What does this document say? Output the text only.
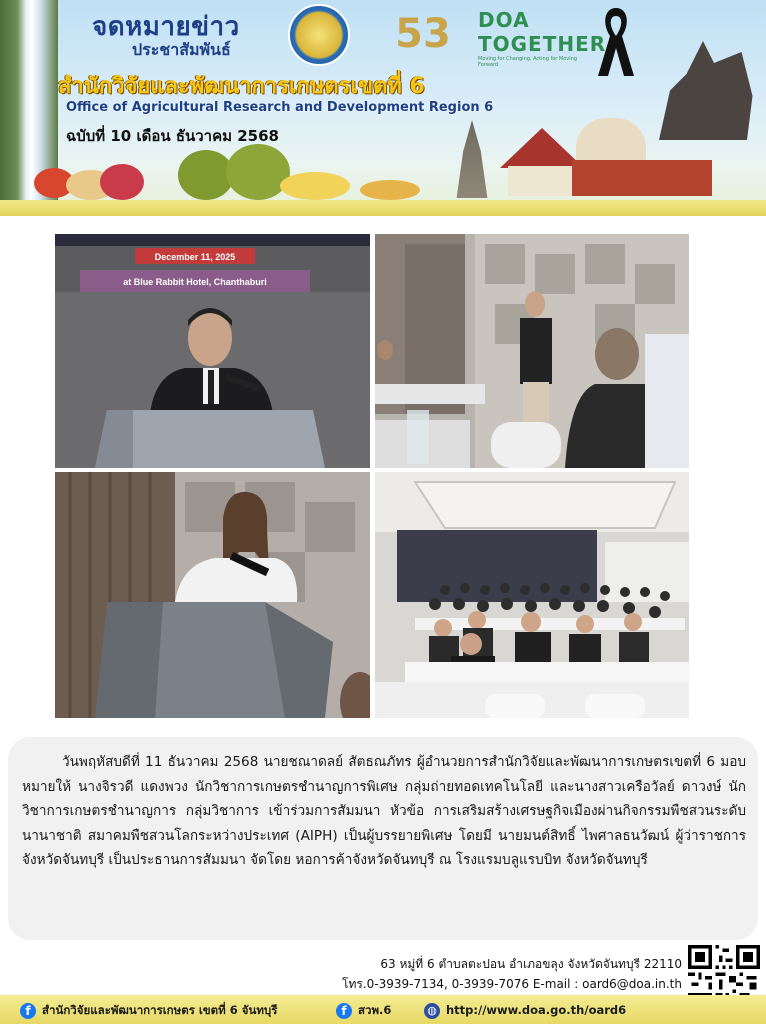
จดหมายข่าว
ประชาสัมพันธ์	53	DOA TOGETHER
Moving for Changing, Acting for Moving Forward
สำนักวิจัยและพัฒนาการเกษตรเขตที่ 6
Office of Agricultural Research and Development Region 6
ฉบับที่ 10 เดือน ธันวาคม 2568
December 11, 2025
at Blue Rabbit Hotel, Chanthaburi

วันพฤหัสบดีที่ 11 ธันวาคม 2568 นายชณาดลย์ สัตธณภัทร ผู้อำนวยการสำนักวิจัยและพัฒนาการเกษตรเขตที่ 6 มอบหมายให้ นางจิรวดี แดงพวง นักวิชาการเกษตรชำนาญการพิเศษ กลุ่มถ่ายทอดเทคโนโลยี และนางสาวเครือวัลย์ ดาวงษ์ นักวิชาการเกษตรชำนาญการ กลุ่มวิชาการ เข้าร่วมการสัมมนา หัวข้อ การเสริมสร้างเศรษฐกิจเมืองผ่านกิจกรรมพืชสวนระดับนานาชาติ สมาคมพืชสวนโลกระหว่างประเทศ (AIPH) เป็นผู้บรรยายพิเศษ โดยมี นายมนต์สิทธิ์ ไพศาลธนวัฒน์ ผู้ว่าราชการจังหวัดจันทบุรี เป็นประธานการสัมมนา จัดโดย หอการค้าจังหวัดจันทบุรี ณ โรงแรมบลูแรบบิท จังหวัดจันทบุรี

63 หมู่ที่ 6 ตำบลตะปอน อำเภอขลุง จังหวัดจันทบุรี 22110
โทร.0-3939-7134, 0-3939-7076 E-mail : oard6@doa.in.th
f สำนักวิจัยและพัฒนาการเกษตร เขตที่ 6 จันทบุรี	f สวพ.6	◍ http://www.doa.go.th/oard6
